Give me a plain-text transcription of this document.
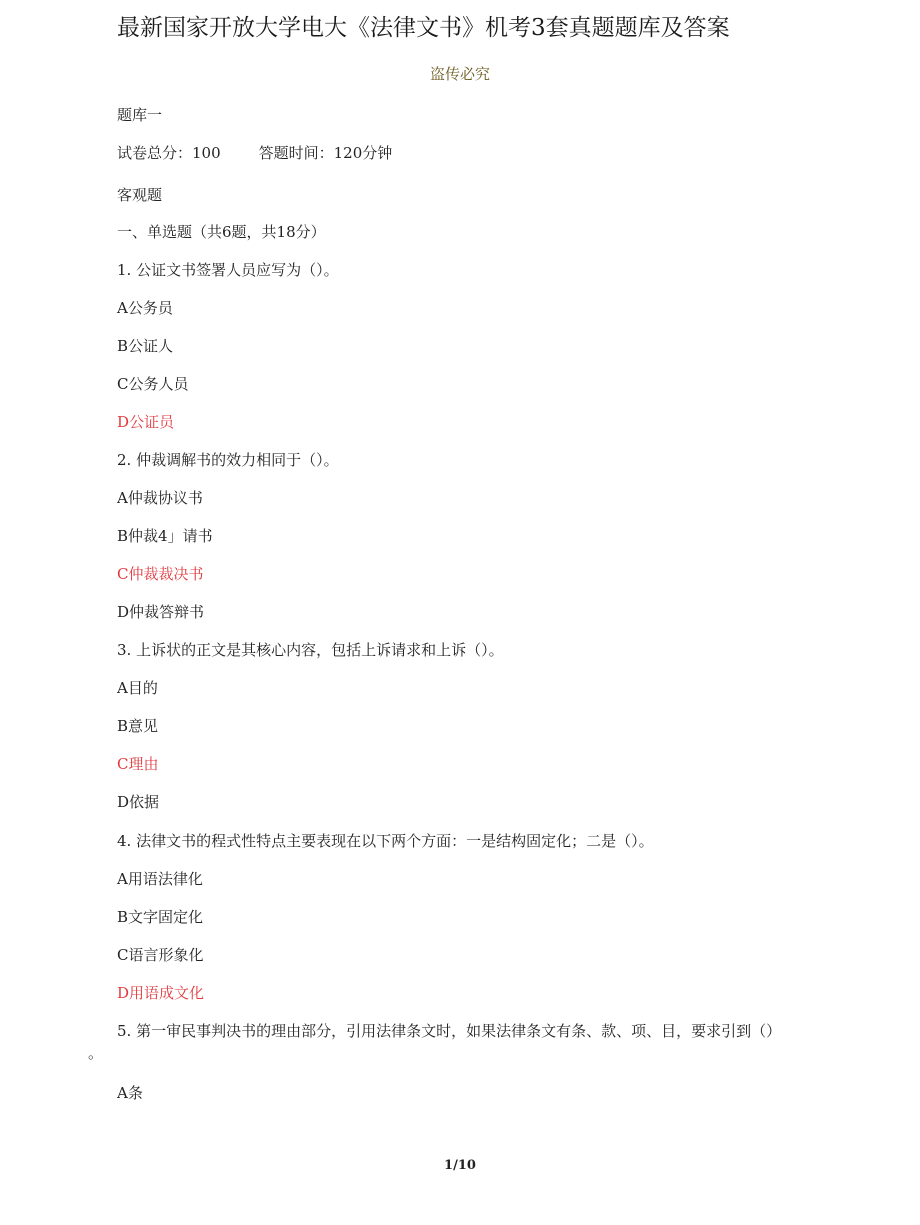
最新国家开放大学电大《法律文书》机考3套真题题库及答案
盗传必究
题库一
试卷总分：100	答题时间：120分钟
客观题
一、单选题（共6题，共18分）
1. 公证文书签署人员应写为（）。
A公务员
B公证人
C公务人员
D公证员
2. 仲裁调解书的效力相同于（）。
A仲裁协议书
B仲裁4」请书
C仲裁裁决书
D仲裁答辩书
3. 上诉状的正文是其核心内容，包括上诉请求和上诉（）。
A目的
B意见
C理由
D依据
4. 法律文书的程式性特点主要表现在以下两个方面：一是结构固定化；二是（）。
A用语法律化
B文字固定化
C语言形象化
D用语成文化
5. 第一审民事判决书的理由部分，引用法律条文时，如果法律条文有条、款、项、目，要求引到（）
。
A条
1/10
